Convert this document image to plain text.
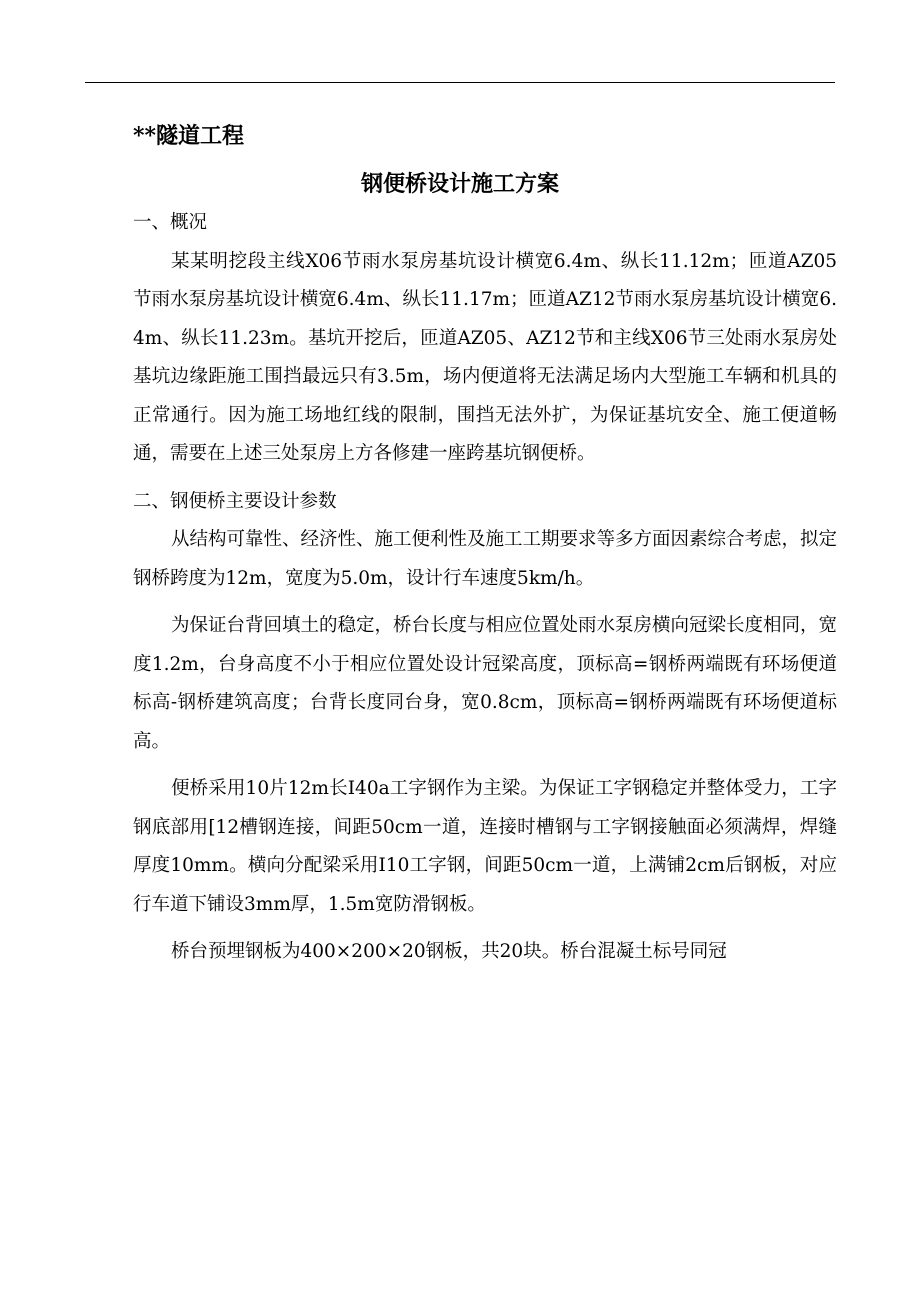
**隧道工程
钢便桥设计施工方案
一、概况

某某明挖段主线X06节雨水泵房基坑设计横宽6.4m、纵长11.12m；匝道AZ05节雨水泵房基坑设计横宽6.4m、纵长11.17m；匝道AZ12节雨水泵房基坑设计横宽6.4m、纵长11.23m。基坑开挖后，匝道AZ05、AZ12节和主线X06节三处雨水泵房处基坑边缘距施工围挡最远只有3.5m，场内便道将无法满足场内大型施工车辆和机具的正常通行。因为施工场地红线的限制，围挡无法外扩，为保证基坑安全、施工便道畅通，需要在上述三处泵房上方各修建一座跨基坑钢便桥。

二、钢便桥主要设计参数

从结构可靠性、经济性、施工便利性及施工工期要求等多方面因素综合考虑，拟定钢桥跨度为12m，宽度为5.0m，设计行车速度5km/h。

为保证台背回填土的稳定，桥台长度与相应位置处雨水泵房横向冠梁长度相同，宽度1.2m，台身高度不小于相应位置处设计冠梁高度，顶标高=钢桥两端既有环场便道标高-钢桥建筑高度；台背长度同台身，宽0.8cm，顶标高=钢桥两端既有环场便道标高。

便桥采用10片12m长I40a工字钢作为主梁。为保证工字钢稳定并整体受力，工字钢底部用[12槽钢连接，间距50cm一道，连接时槽钢与工字钢接触面必须满焊，焊缝厚度10mm。横向分配梁采用I10工字钢，间距50cm一道，上满铺2cm后钢板，对应行车道下铺设3mm厚，1.5m宽防滑钢板。

桥台预埋钢板为400×200×20钢板，共20块。桥台混凝土标号同冠
